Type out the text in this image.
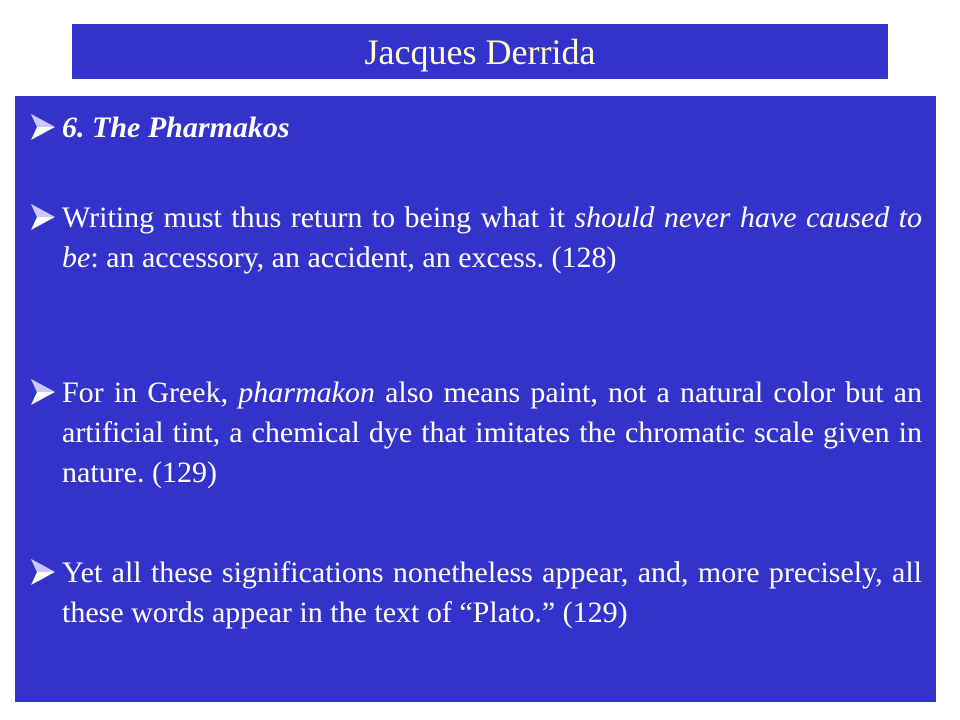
Jacques Derrida
6. The Pharmakos
Writing must thus return to being what it should never have caused to be: an accessory, an accident, an excess. (128)
For in Greek, pharmakon also means paint, not a natural color but an artificial tint, a chemical dye that imitates the chromatic scale given in nature. (129)
Yet all these significations nonetheless appear, and, more precisely, all these words appear in the text of “Plato.” (129)
